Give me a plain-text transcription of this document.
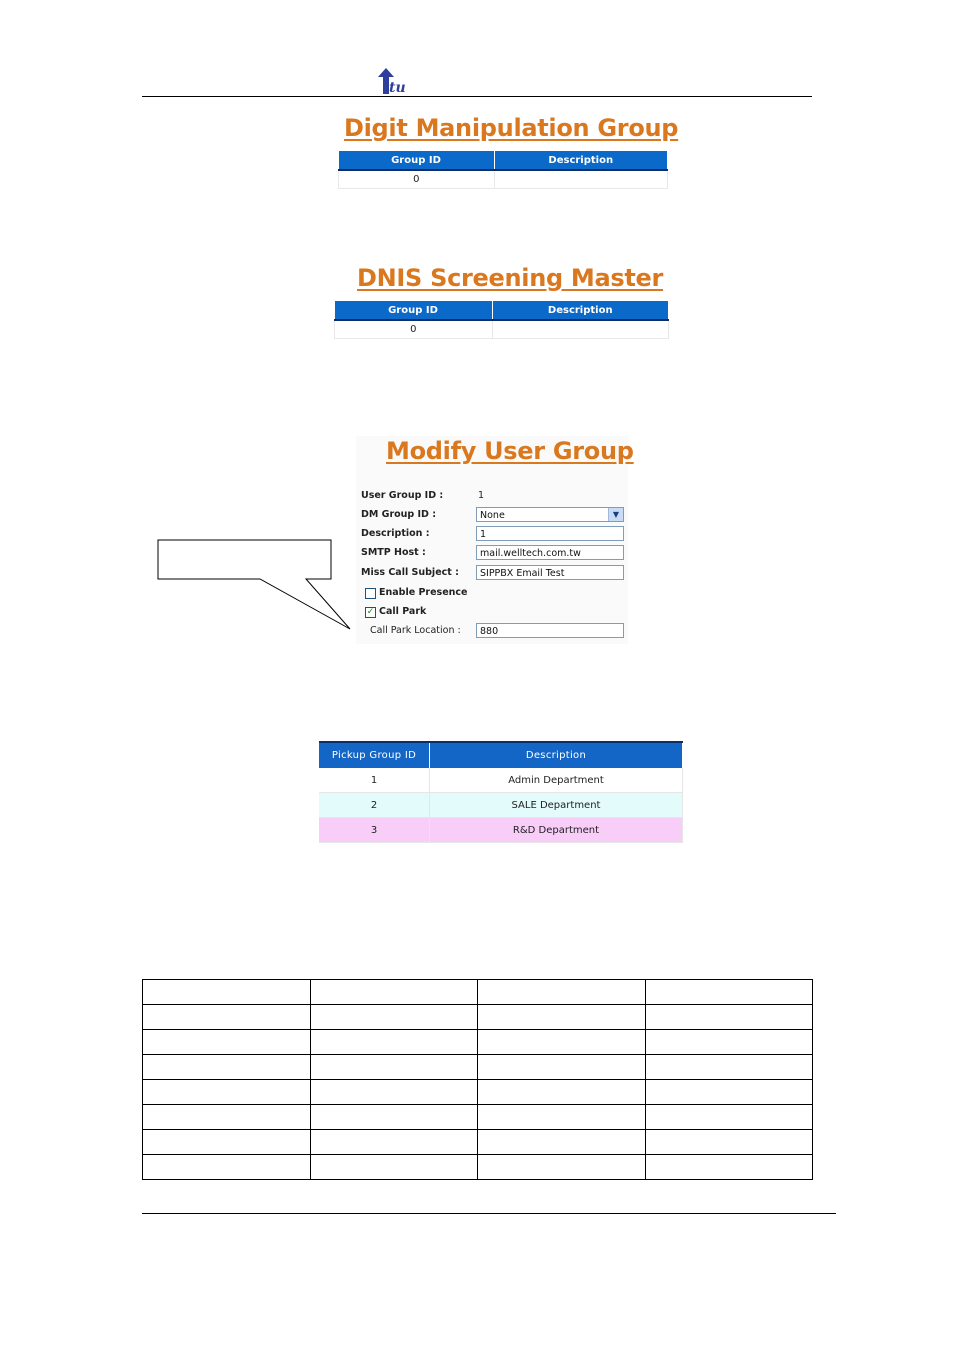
tu
Digit Manipulation Group
Group ID	Description
0	
DNIS Screening Master
Group ID	Description
0	
Modify User Group
User Group ID :	1
DM Group ID :	None	▼
Description :	1
SMTP Host :	mail.welltech.com.tw
Miss Call Subject :	SIPPBX Email Test
Enable Presence
✓ Call Park
Call Park Location :	880
Pickup Group ID	Description
1	Admin Department
2	SALE Department
3	R&D Department
